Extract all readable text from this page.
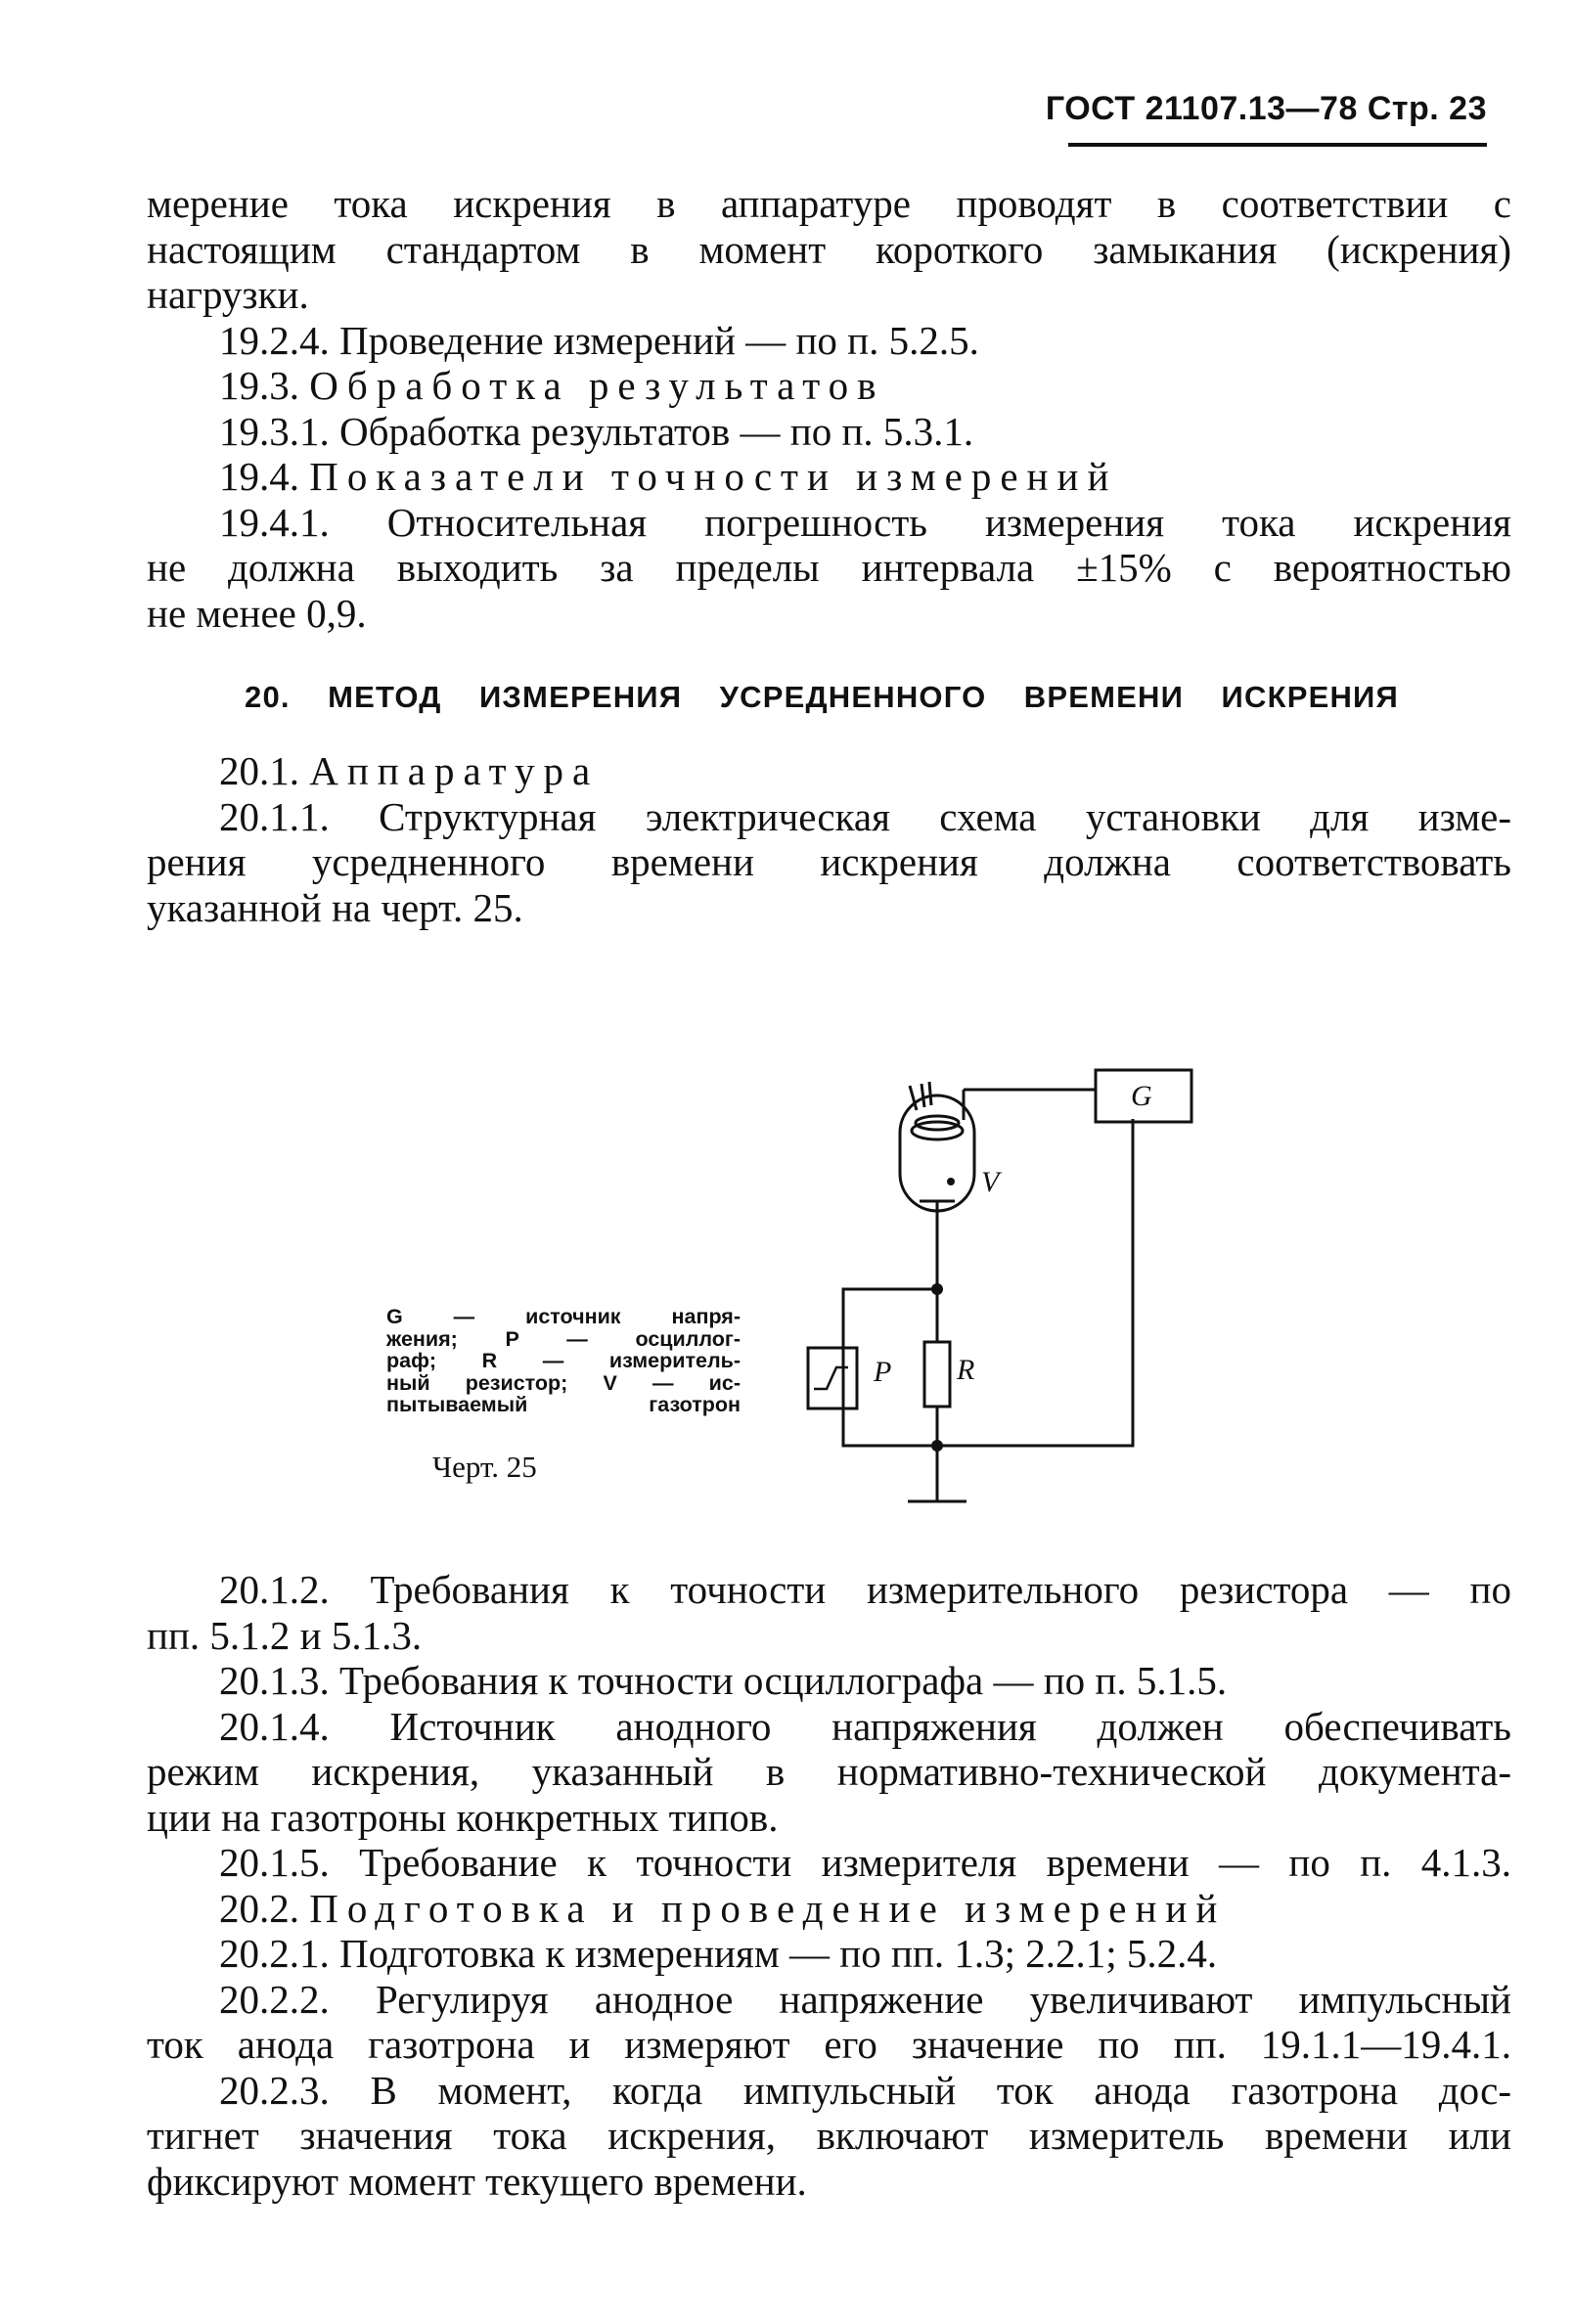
ГОСТ 21107.13—78 Стр. 23
мерение тока искрения в аппаратуре проводят в соответствии с
настоящим стандартом в момент короткого замыкания (искрения)
нагрузки.
19.2.4. Проведение измерений — по п. 5.2.5.
19.3. Обработка результатов
19.3.1. Обработка результатов — по п. 5.3.1.
19.4. Показатели точности измерений
19.4.1. Относительная погрешность измерения тока искрения
не должна выходить за пределы интервала ±15% с вероятностью
не менее 0,9.
20. МЕТОД ИЗМЕРЕНИЯ УСРЕДНЕННОГО ВРЕМЕНИ ИСКРЕНИЯ
20.1. Аппаратура
20.1.1. Структурная электрическая схема установки для изме-
рения усредненного времени искрения должна соответствовать
указанной на черт. 25.
G — источник напря-
жения; P — осциллог-
раф; R — измеритель-
ный резистор; V — ис-
пытываемый газотрон
Черт. 25
G
V
P R
20.1.2. Требования к точности измерительного резистора — по
пп. 5.1.2 и 5.1.3.
20.1.3. Требования к точности осциллографа — по п. 5.1.5.
20.1.4. Источник анодного напряжения должен обеспечивать
режим искрения, указанный в нормативно-технической документа-
ции на газотроны конкретных типов.
20.1.5. Требование к точности измерителя времени — по п. 4.1.3.
20.2. Подготовка и проведение измерений
20.2.1. Подготовка к измерениям — по пп. 1.3; 2.2.1; 5.2.4.
20.2.2. Регулируя анодное напряжение увеличивают импульсный
ток анода газотрона и измеряют его значение по пп. 19.1.1—19.4.1.
20.2.3. В момент, когда импульсный ток анода газотрона дос-
тигнет значения тока искрения, включают измеритель времени или
фиксируют момент текущего времени.
